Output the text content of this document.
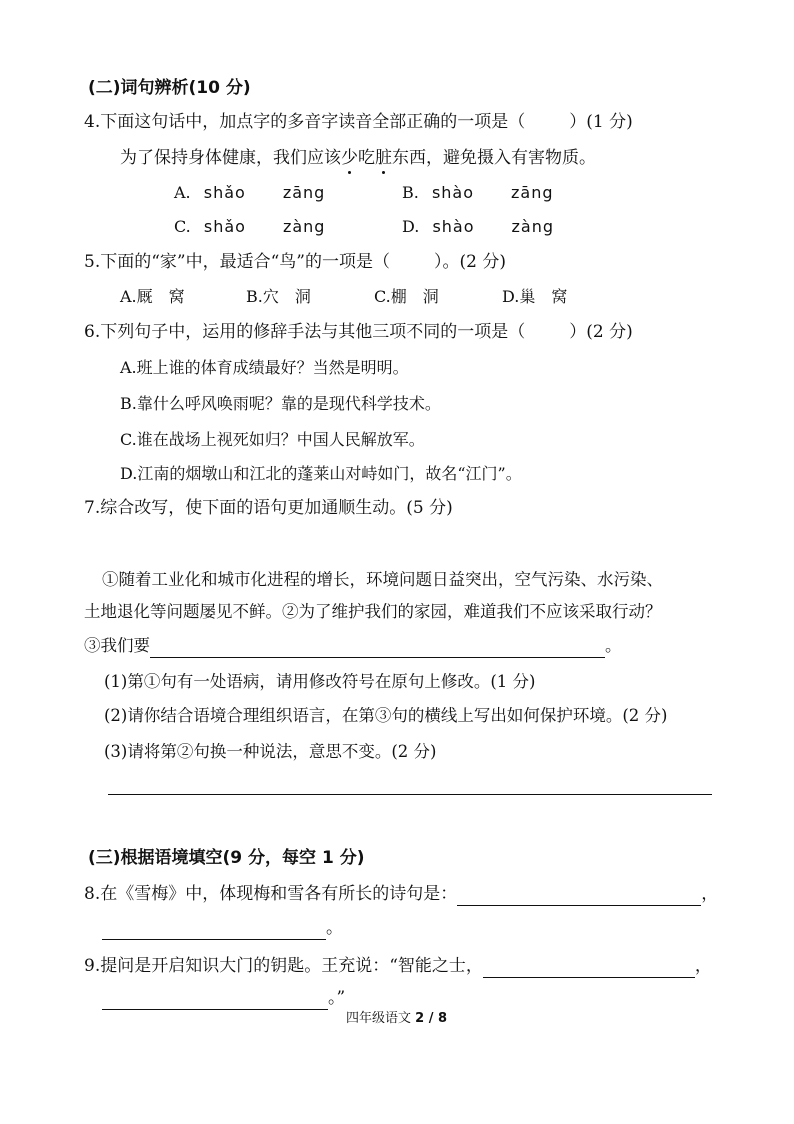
(二)词句辨析(10 分)
4.下面这句话中，加点字的多音字读音全部正确的一项是（	）(1 分)
为了保持身体健康，我们应该少吃脏东西，避免摄入有害物质。
A. shǎo zāng	B. shào zāng
C. shǎo zàng	D. shào zàng
5.下面的“家”中，最适合“鸟”的一项是（	）。(2 分)
A.厩　窝	B.穴　洞	C.棚　洞	D.巢　窝
6.下列句子中，运用的修辞手法与其他三项不同的一项是（	）(2 分)
A.班上谁的体育成绩最好？当然是明明。
B.靠什么呼风唤雨呢？靠的是现代科学技术。
C.谁在战场上视死如归？中国人民解放军。
D.江南的烟墩山和江北的蓬莱山对峙如门，故名“江门”。
7.综合改写，使下面的语句更加通顺生动。(5 分)
①随着工业化和城市化进程的增长，环境问题日益突出，空气污染、水污染、
土地退化等问题屡见不鲜。②为了维护我们的家园，难道我们不应该采取行动？
③我们要	。
(1)第①句有一处语病，请用修改符号在原句上修改。(1 分)
(2)请你结合语境合理组织语言，在第③句的横线上写出如何保护环境。(2 分)
(3)请将第②句换一种说法，意思不变。(2 分)
(三)根据语境填空(9 分，每空 1 分)
8.在《雪梅》中，体现梅和雪各有所长的诗句是：	，
。
9.提问是开启知识大门的钥匙。王充说：“智能之士，	，
。”
四年级语文 2 / 8
